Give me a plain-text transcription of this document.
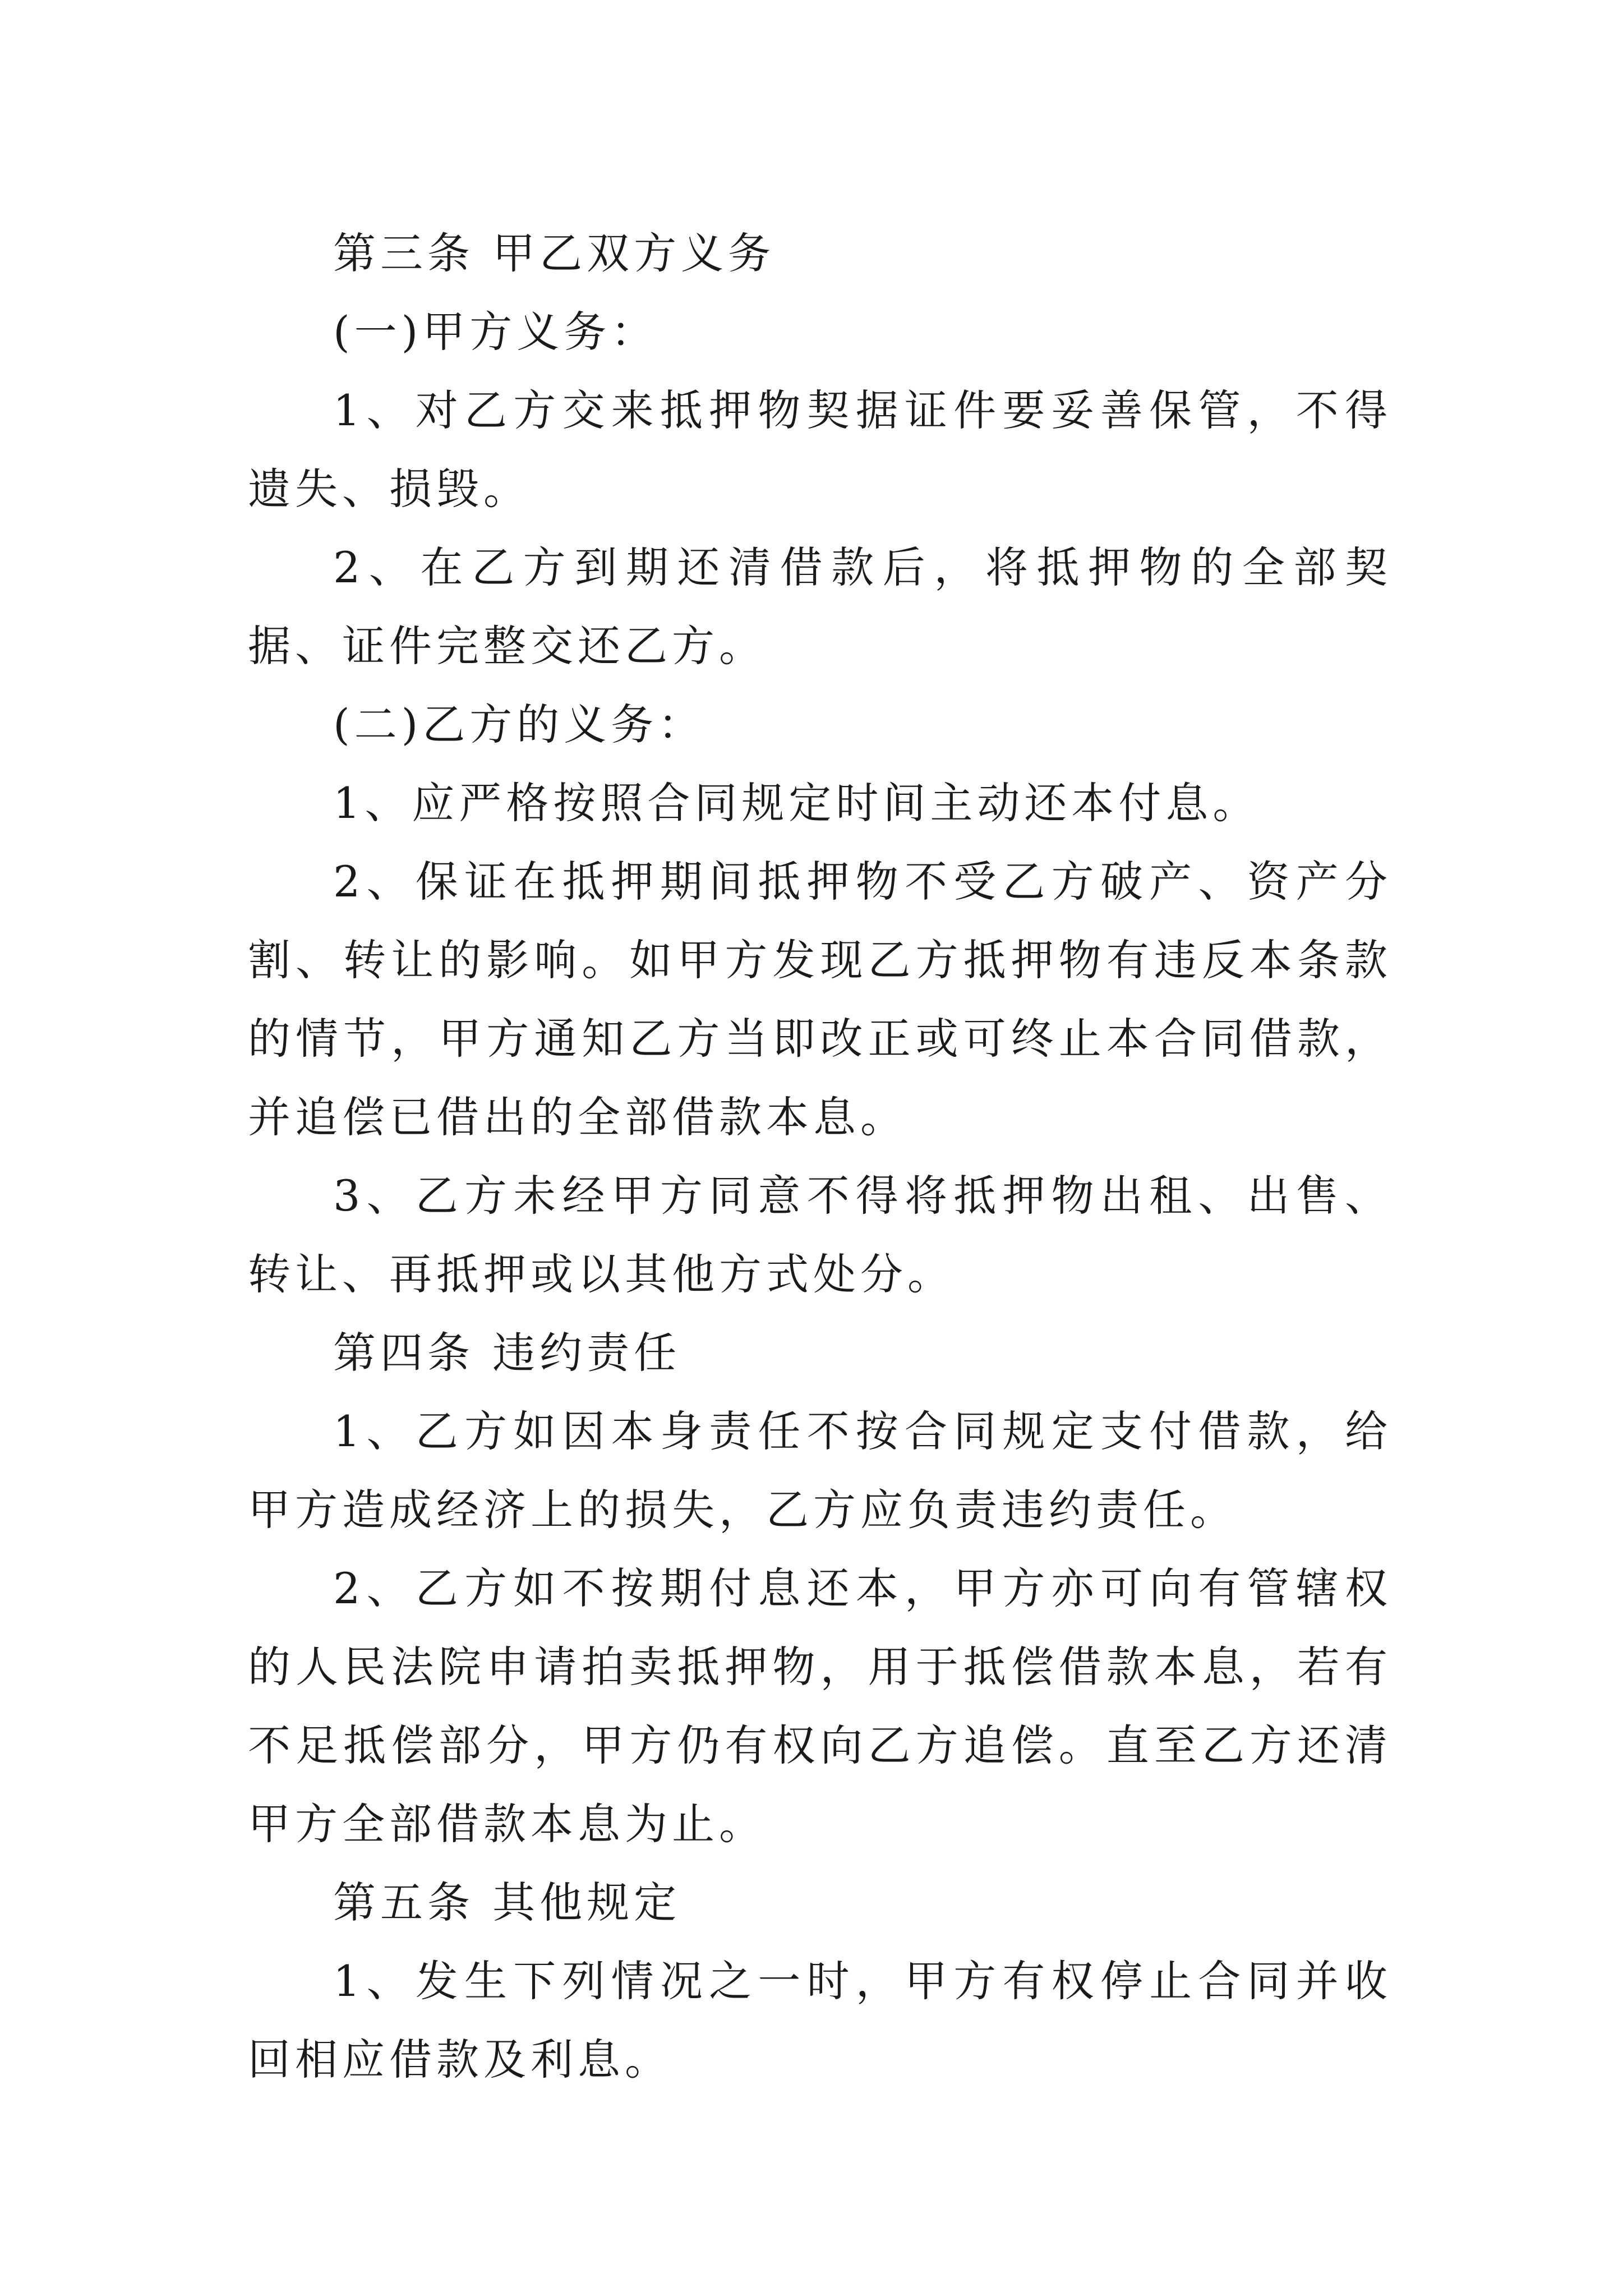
第三条 甲乙双方义务

(一)甲方义务：

1、对乙方交来抵押物契据证件要妥善保管，不得遗失、损毁。

2、在乙方到期还清借款后，将抵押物的全部契据、证件完整交还乙方。

(二)乙方的义务：

1、应严格按照合同规定时间主动还本付息。

2、保证在抵押期间抵押物不受乙方破产、资产分割、转让的影响。如甲方发现乙方抵押物有违反本条款的情节，甲方通知乙方当即改正或可终止本合同借款，并追偿已借出的全部借款本息。

3、乙方未经甲方同意不得将抵押物出租、出售、转让、再抵押或以其他方式处分。

第四条 违约责任

1、乙方如因本身责任不按合同规定支付借款，给甲方造成经济上的损失，乙方应负责违约责任。

2、乙方如不按期付息还本，甲方亦可向有管辖权的人民法院申请拍卖抵押物，用于抵偿借款本息，若有不足抵偿部分，甲方仍有权向乙方追偿。直至乙方还清甲方全部借款本息为止。

第五条 其他规定

1、发生下列情况之一时，甲方有权停止合同并收回相应借款及利息。
